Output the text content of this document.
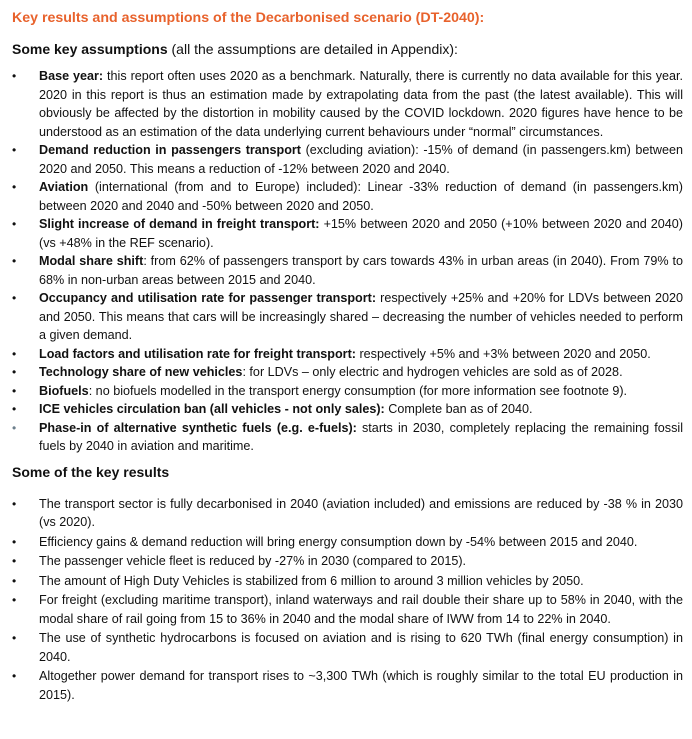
Key results and assumptions of the Decarbonised scenario (DT-2040):
Some key assumptions (all the assumptions are detailed in Appendix):
•	Base year: this report often uses 2020 as a benchmark. Naturally, there is currently no data available for this year. 2020 in this report is thus an estimation made by extrapolating data from the past (the latest available). This will obviously be affected by the distortion in mobility caused by the COVID lockdown. 2020 figures have hence to be understood as an estimation of the data underlying current behaviours under “normal” circumstances.
•	Demand reduction in passengers transport (excluding aviation): -15% of demand (in passengers.km) between 2020 and 2050. This means a reduction of -12% between 2020 and 2040.
•	Aviation (international (from and to Europe) included): Linear -33% reduction of demand (in passengers.km) between 2020 and 2040 and -50% between 2020 and 2050.
•	Slight increase of demand in freight transport: +15% between 2020 and 2050 (+10% between 2020 and 2040) (vs +48% in the REF scenario).
•	Modal share shift: from 62% of passengers transport by cars towards 43% in urban areas (in 2040). From 79% to 68% in non-urban areas between 2015 and 2040.
•	Occupancy and utilisation rate for passenger transport: respectively +25% and +20% for LDVs between 2020 and 2050. This means that cars will be increasingly shared – decreasing the number of vehicles needed to perform a given demand.
•	Load factors and utilisation rate for freight transport: respectively +5% and +3% between 2020 and 2050.
•	Technology share of new vehicles: for LDVs – only electric and hydrogen vehicles are sold as of 2028.
•	Biofuels: no biofuels modelled in the transport energy consumption (for more information see footnote 9).
•	ICE vehicles circulation ban (all vehicles - not only sales): Complete ban as of 2040.
•	Phase-in of alternative synthetic fuels (e.g. e-fuels): starts in 2030, completely replacing the remaining fossil fuels by 2040 in aviation and maritime.
Some of the key results
•	The transport sector is fully decarbonised in 2040 (aviation included) and emissions are reduced by -38 % in 2030 (vs 2020).
•	Efficiency gains & demand reduction will bring energy consumption down by -54% between 2015 and 2040.
•	The passenger vehicle fleet is reduced by -27% in 2030 (compared to 2015).
•	The amount of High Duty Vehicles is stabilized from 6 million to around 3 million vehicles by 2050.
•	For freight (excluding maritime transport), inland waterways and rail double their share up to 58% in 2040, with the modal share of rail going from 15 to 36% in 2040 and the modal share of IWW from 14 to 22% in 2040.
•	The use of synthetic hydrocarbons is focused on aviation and is rising to 620 TWh (final energy consumption) in 2040.
•	Altogether power demand for transport rises to ~3,300 TWh (which is roughly similar to the total EU production in 2015).
